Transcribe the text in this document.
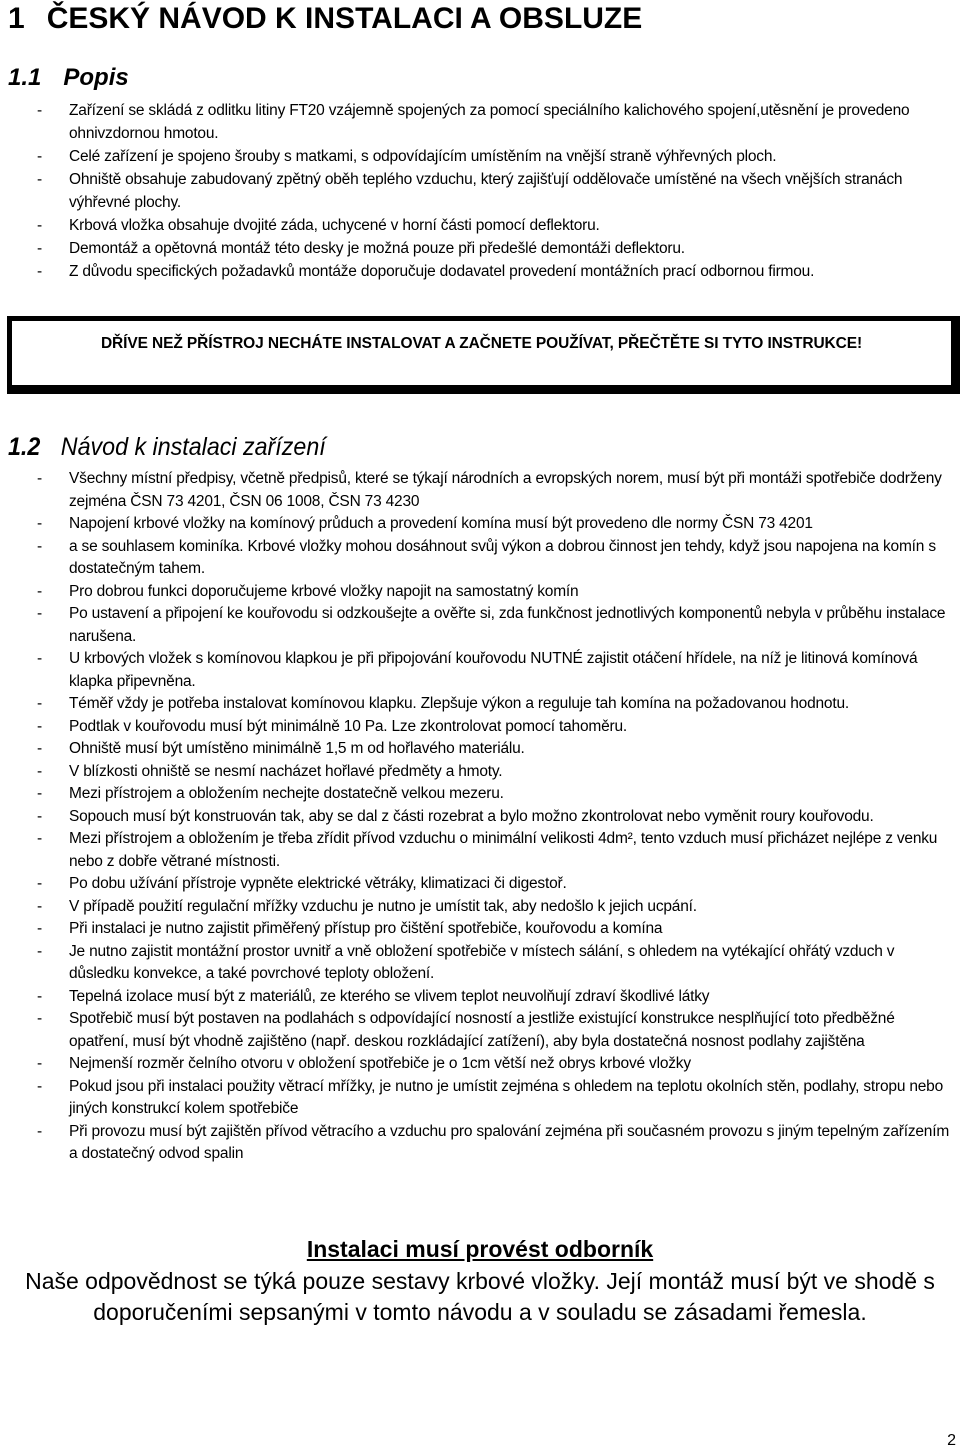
1 ČESKÝ NÁVOD K INSTALACI A OBSLUZE
1.1 Popis
- Zařízení se skládá z odlitku litiny FT20 vzájemně spojených za pomocí speciálního kalichového spojení,utěsnění je provedeno ohnivzdornou hmotou.
- Celé zařízení je spojeno šrouby s matkami, s odpovídajícím umístěním na vnější straně výhřevných ploch.
- Ohniště obsahuje zabudovaný zpětný oběh teplého vzduchu, který zajišťují oddělovače umístěné na všech vnějších stranách výhřevné plochy.
- Krbová vložka obsahuje dvojité záda, uchycené v horní části pomocí deflektoru.
- Demontáž a opětovná montáž této desky je možná pouze při předešlé demontáži deflektoru.
- Z důvodu specifických požadavků montáže doporučuje dodavatel provedení montážních prací odbornou firmou.
DŘÍVE NEŽ PŘÍSTROJ NECHÁTE INSTALOVAT A ZAČNETE POUŽÍVAT, PŘEČTĚTE SI TYTO INSTRUKCE!
1.2 Návod k instalaci zařízení
- Všechny místní předpisy, včetně předpisů, které se týkají národních a evropských norem, musí být při montáži spotřebiče dodrženy zejména ČSN 73 4201, ČSN 06 1008, ČSN 73 4230
- Napojení krbové vložky na komínový průduch a provedení komína musí být provedeno dle normy ČSN 73 4201
- a se souhlasem kominíka. Krbové vložky mohou dosáhnout svůj výkon a dobrou činnost jen tehdy, když jsou napojena na komín s dostatečným tahem.
- Pro dobrou funkci doporučujeme krbové vložky napojit na samostatný komín
- Po ustavení a připojení ke kouřovodu si odzkoušejte a ověřte si, zda funkčnost jednotlivých komponentů nebyla v průběhu instalace narušena.
- U krbových vložek s komínovou klapkou je při připojování kouřovodu NUTNÉ zajistit otáčení hřídele, na níž je litinová komínová klapka připevněna.
- Téměř vždy je potřeba instalovat komínovou klapku. Zlepšuje výkon a reguluje tah komína na požadovanou hodnotu.
- Podtlak v kouřovodu musí být minimálně 10 Pa. Lze zkontrolovat pomocí tahoměru.
- Ohniště musí být umístěno minimálně 1,5 m od hořlavého materiálu.
- V blízkosti ohniště se nesmí nacházet hořlavé předměty a hmoty.
- Mezi přístrojem a obložením nechejte dostatečně velkou mezeru.
- Sopouch musí být konstruován tak, aby se dal z části rozebrat a bylo možno zkontrolovat nebo vyměnit roury kouřovodu.
- Mezi přístrojem a obložením je třeba zřídit přívod vzduchu o minimální velikosti 4dm², tento vzduch musí přicházet nejlépe z venku nebo z dobře větrané místnosti.
- Po dobu užívání přístroje vypněte elektrické větráky, klimatizaci či digestoř.
- V případě použití regulační mřížky vzduchu je nutno je umístit tak, aby nedošlo k jejich ucpání.
- Při instalaci je nutno zajistit přiměřený přístup pro čištění spotřebiče, kouřovodu a komína
- Je nutno zajistit montážní prostor uvnitř a vně obložení spotřebiče v místech sálání, s ohledem na vytékající ohřátý vzduch v důsledku konvekce, a také povrchové teploty obložení.
- Tepelná izolace musí být z materiálů, ze kterého se vlivem teplot neuvolňují zdraví škodlivé látky
- Spotřebič musí být postaven na podlahách s odpovídající nosností a jestliže existující konstrukce nesplňující toto předběžné opatření, musí být vhodně zajištěno (např. deskou rozkládající zatížení), aby byla dostatečná nosnost podlahy zajištěna
- Nejmenší rozměr čelního otvoru v obložení spotřebiče je o 1cm větší než obrys krbové vložky
- Pokud jsou při instalaci použity větrací mřížky, je nutno je umístit zejména s ohledem na teplotu okolních stěn, podlahy, stropu nebo jiných konstrukcí kolem spotřebiče
- Při provozu musí být zajištěn přívod větracího a vzduchu pro spalování zejména při současném provozu s jiným tepelným zařízením a dostatečný odvod spalin
Instalaci musí provést odborník
Naše odpovědnost se týká pouze sestavy krbové vložky. Její montáž musí být ve shodě s doporučeními sepsanými v tomto návodu a v souladu se zásadami řemesla.
2
